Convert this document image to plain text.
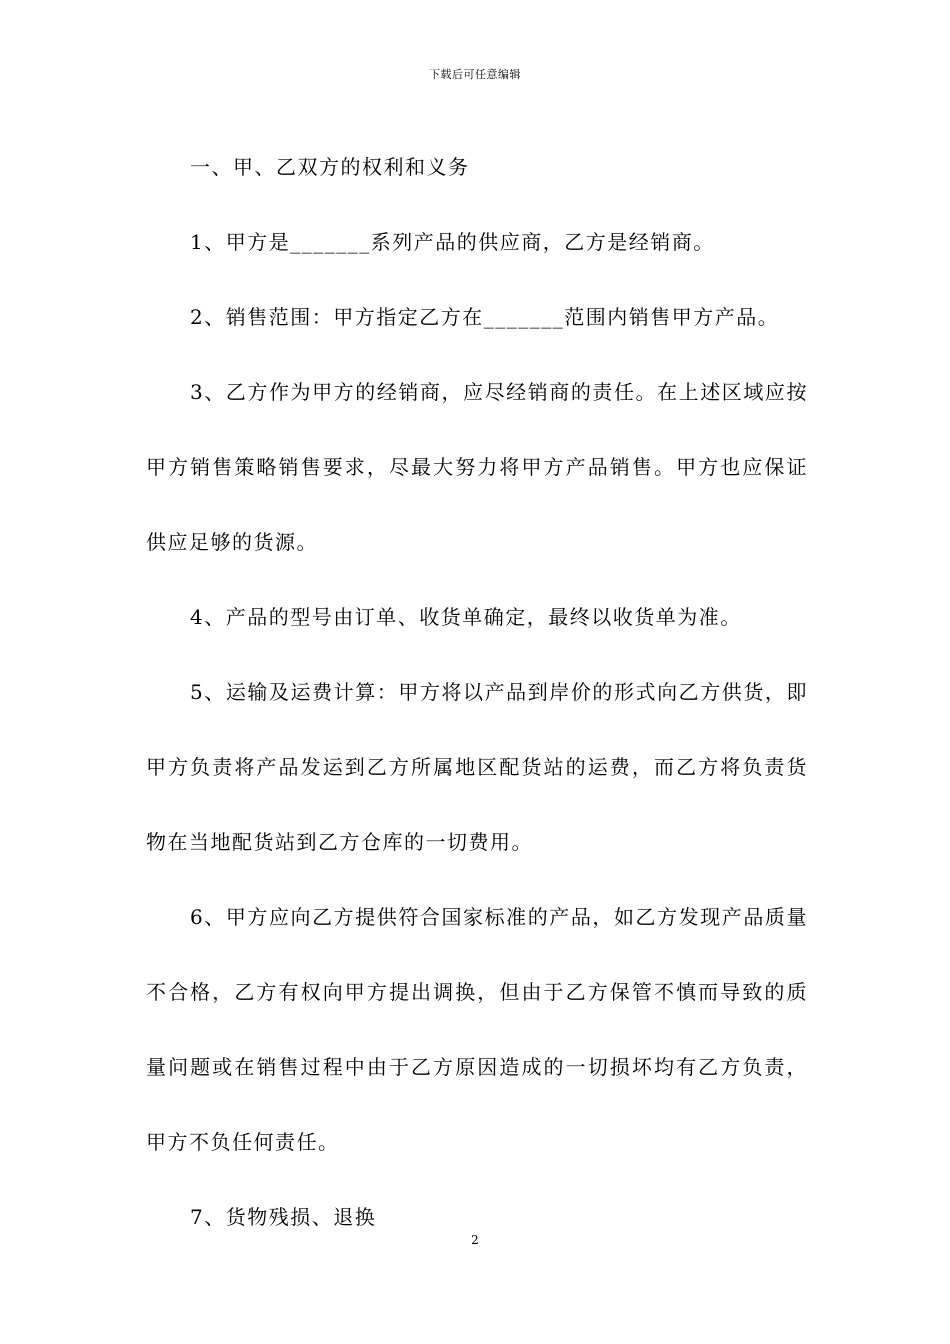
下载后可任意编辑

一、甲、乙双方的权利和义务

1、甲方是_______系列产品的供应商，乙方是经销商。

2、销售范围：甲方指定乙方在_______范围内销售甲方产品。

3、乙方作为甲方的经销商，应尽经销商的责任。在上述区域应按甲方销售策略销售要求，尽最大努力将甲方产品销售。甲方也应保证供应足够的货源。

4、产品的型号由订单、收货单确定，最终以收货单为准。

5、运输及运费计算：甲方将以产品到岸价的形式向乙方供货，即甲方负责将产品发运到乙方所属地区配货站的运费，而乙方将负责货物在当地配货站到乙方仓库的一切费用。

6、甲方应向乙方提供符合国家标准的产品，如乙方发现产品质量不合格，乙方有权向甲方提出调换，但由于乙方保管不慎而导致的质量问题或在销售过程中由于乙方原因造成的一切损坏均有乙方负责，甲方不负任何责任。

7、货物残损、退换

2
